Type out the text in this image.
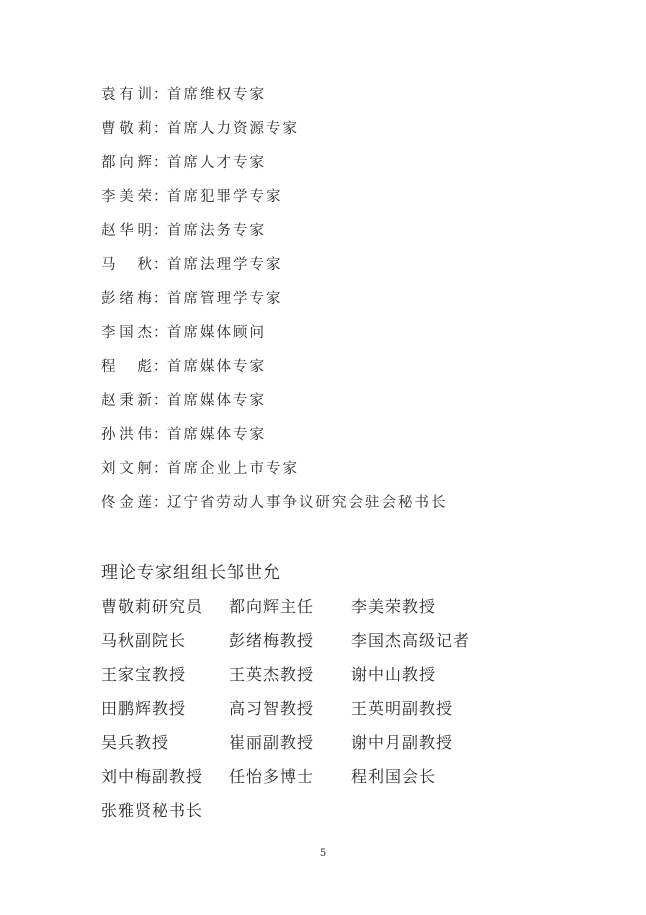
袁有训：首席维权专家
曹敬莉：首席人力资源专家
都向辉：首席人才专家
李美荣：首席犯罪学专家
赵华明：首席法务专家
马秋：首席法理学专家
彭绪梅：首席管理学专家
李国杰：首席媒体顾问
程彪：首席媒体专家
赵秉新：首席媒体专家
孙洪伟：首席媒体专家
刘文舸：首席企业上市专家
佟金莲：辽宁省劳动人事争议研究会驻会秘书长
理论专家组组长邹世允
曹敬莉研究员	都向辉主任	李美荣教授
马秋副院长	彭绪梅教授	李国杰高级记者
王家宝教授	王英杰教授	谢中山教授
田鹏辉教授	高习智教授	王英明副教授
吴兵教授	崔丽副教授	谢中月副教授
刘中梅副教授	任怡多博士	程利国会长
张雅贤秘书长
5
